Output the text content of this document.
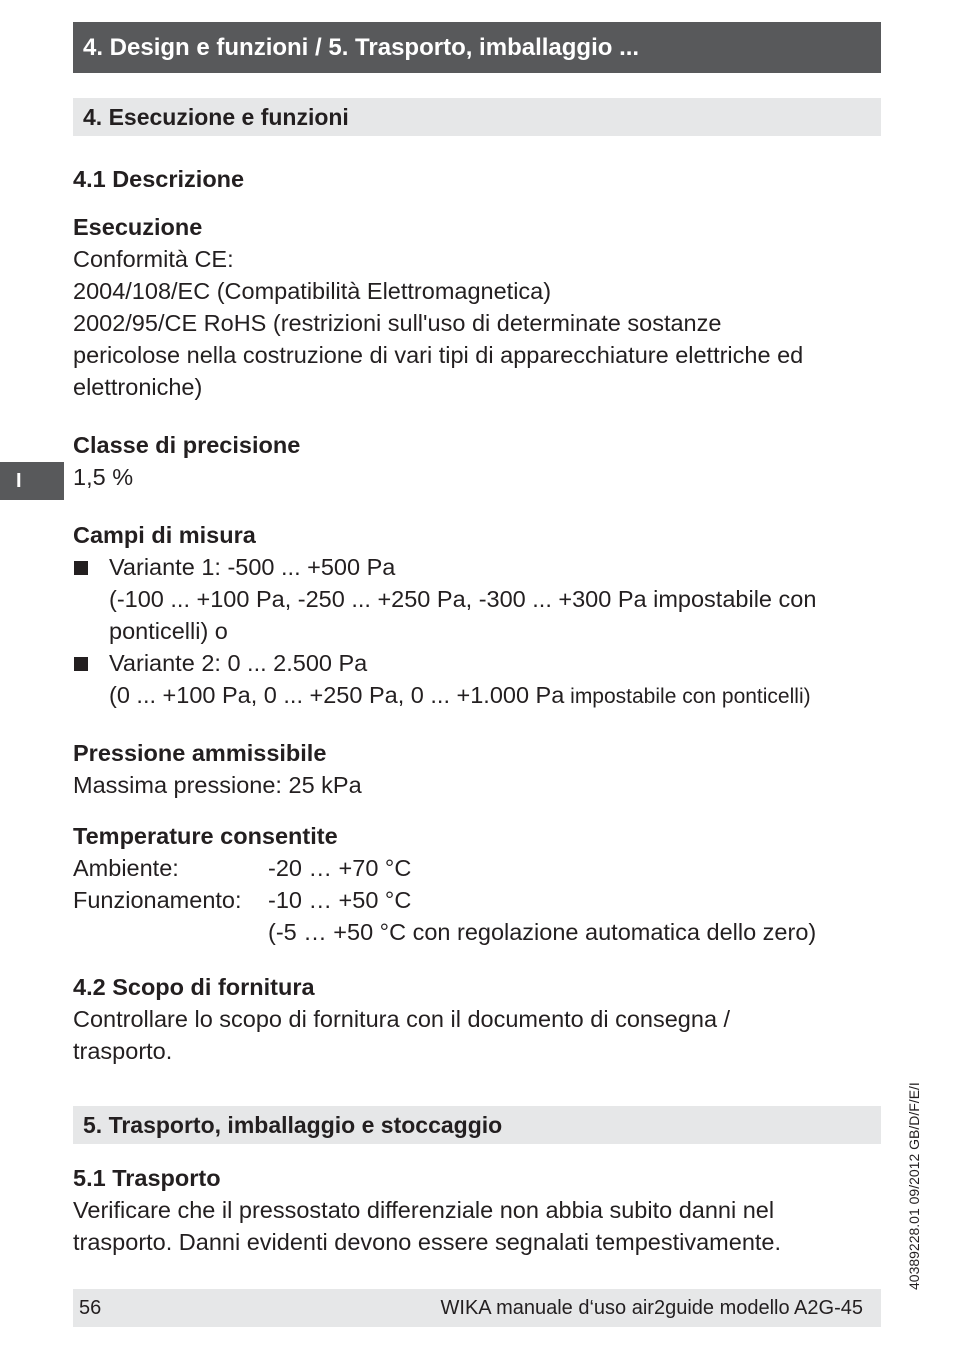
4. Design e funzioni / 5. Trasporto, imballaggio ...
4. Esecuzione e funzioni
4.1 Descrizione
Esecuzione
Conformità CE:
2004/108/EC (Compatibilità Elettromagnetica)
2002/95/CE RoHS (restrizioni sull'uso di determinate sostanze
pericolose nella costruzione di vari tipi di apparecchiature elettriche ed
elettroniche)
I
Classe di precisione
1,5 %
Campi di misura
Variante 1: -500 ... +500 Pa
(-100 ... +100 Pa, -250 ... +250 Pa, -300 ... +300 Pa impostabile con
ponticelli) o
Variante 2: 0 ... 2.500 Pa
(0 ... +100 Pa, 0 ... +250 Pa, 0 ... +1.000 Pa impostabile con ponticelli)
Pressione ammissibile
Massima pressione: 25 kPa
Temperature consentite
Ambiente:	-20 … +70 °C
Funzionamento: -10 … +50 °C
(-5 … +50 °C con regolazione automatica dello zero)
4.2 Scopo di fornitura
Controllare lo scopo di fornitura con il documento di consegna /
trasporto.
5. Trasporto, imballaggio e stoccaggio
5.1 Trasporto
Verificare che il pressostato differenziale non abbia subito danni nel
trasporto. Danni evidenti devono essere segnalati tempestivamente.
56	WIKA manuale d‘uso air2guide modello A2G-45
40389228.01 09/2012 GB/D/F/E/I
